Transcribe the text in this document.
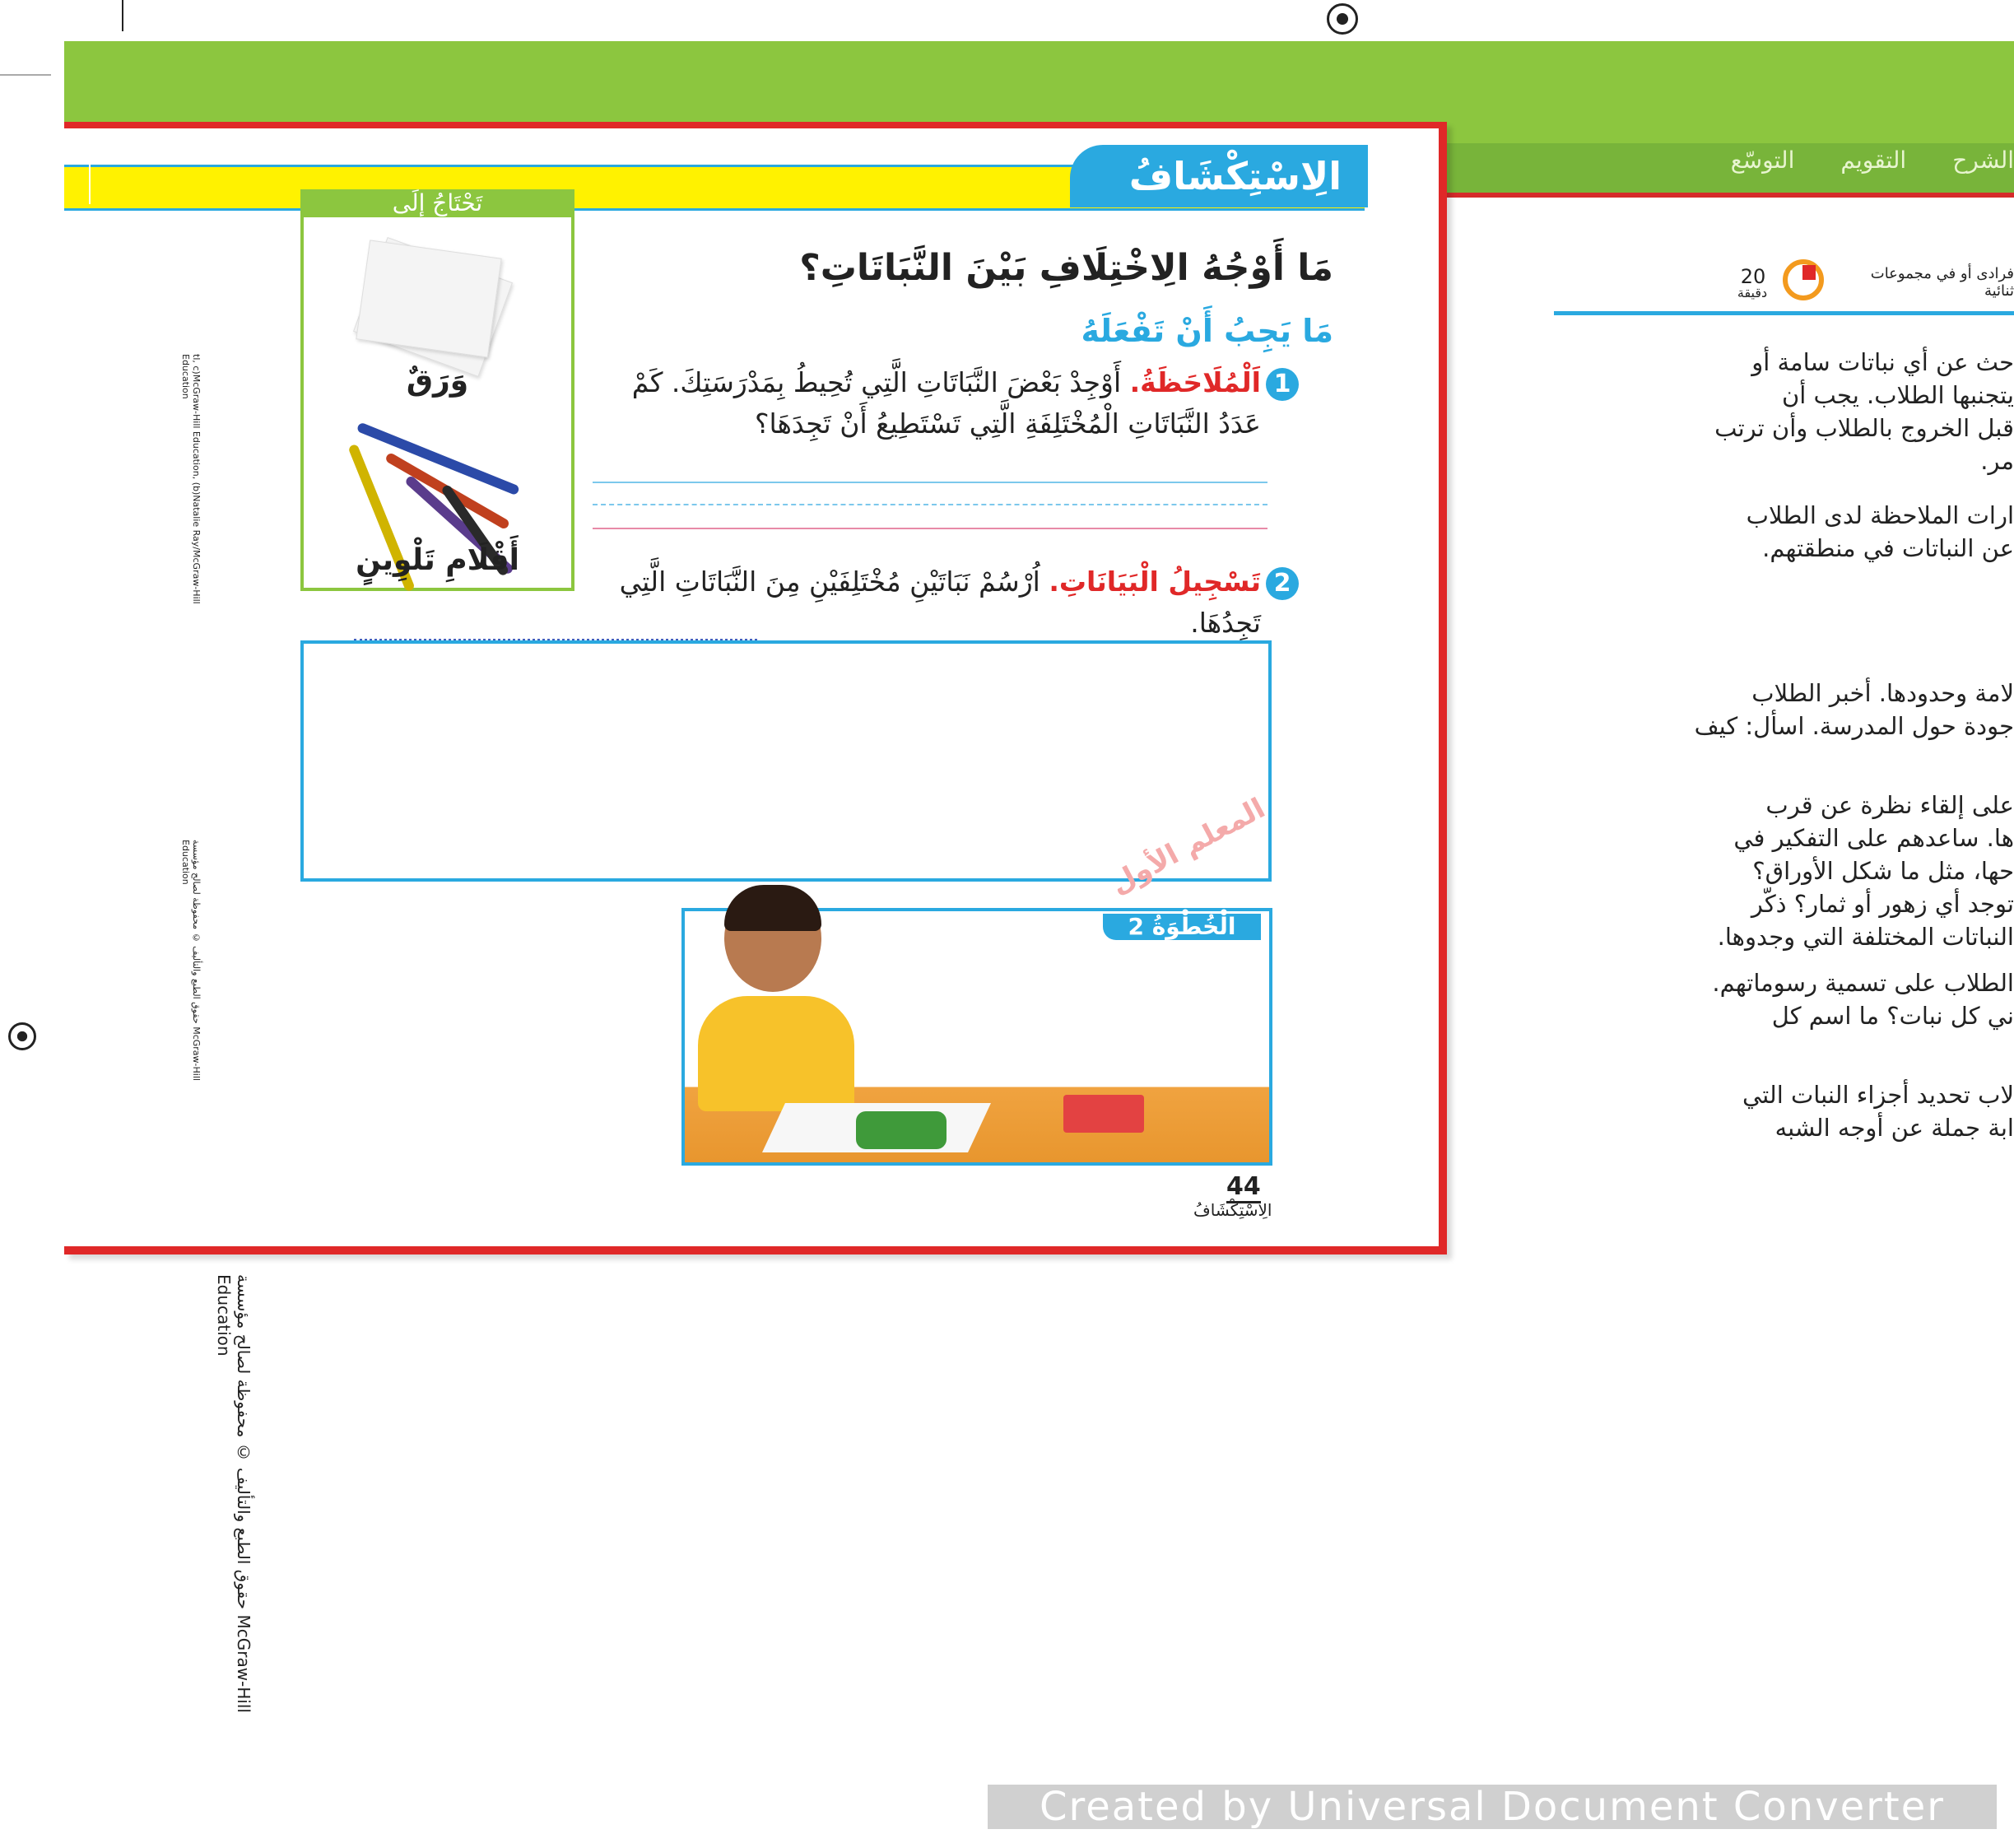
الشرح
التقويم
التوسّع
الِاسْتِكْشَافُ
تَحْتَاجُ إِلَى
وَرَقٌ
أَقْلَامِ تَلْوِينٍ
مَا أَوْجُهُ الِاخْتِلَافِ بَيْنَ النَّبَاتَاتِ؟
مَا يَجِبُ أَنْ تَفْعَلَهُ
1
اَلْمُلَاحَظَةُ. أَوْجِدْ بَعْضَ النَّبَاتَاتِ الَّتِي تُحِيطُ بِمَدْرَسَتِكَ. كَمْ عَدَدُ النَّبَاتَاتِ الْمُخْتَلِفَةِ الَّتِي تَسْتَطِيعُ أَنْ تَجِدَهَا؟
2
تَسْجِيلُ الْبَيَانَاتِ. اُرْسُمْ نَبَاتَيْنِ مُخْتَلِفَيْنِ مِنَ النَّبَاتَاتِ الَّتِي تَجِدُهَا.
المعلم الأول
الْخُطْوَةُ 2
44
الِاسْتِكْشَافُ
tl, c)McGraw-Hill Education, (b)Natalie Ray/McGraw-Hill Education
حقوق الطبع والتأليف © محفوظة لصالح مؤسسة McGraw-Hill Education
حقوق الطبع والتأليف © محفوظة لصالح مؤسسة McGraw-Hill Education
20
دقيقة
فرادى أو في مجموعات ثنائية

حث عن أي نباتات سامة أو

يتجنبها الطلاب. يجب أن

قبل الخروج بالطلاب وأن ترتب

مر.

ارات الملاحظة لدى الطلاب

عن النباتات في منطقتهم.

لامة وحدودها. أخبر الطلاب

جودة حول المدرسة. اسأل: كيف

على إلقاء نظرة عن قرب

ها. ساعدهم على التفكير في

حها، مثل ما شكل الأوراق؟

توجد أي زهور أو ثمار؟ ذكّر

النباتات المختلفة التي وجدوها.

الطلاب على تسمية رسوماتهم.

ني كل نبات؟ ما اسم كل

لاب تحديد أجزاء النبات التي

ابة جملة عن أوجه الشبه

Created by Universal Document Converter
